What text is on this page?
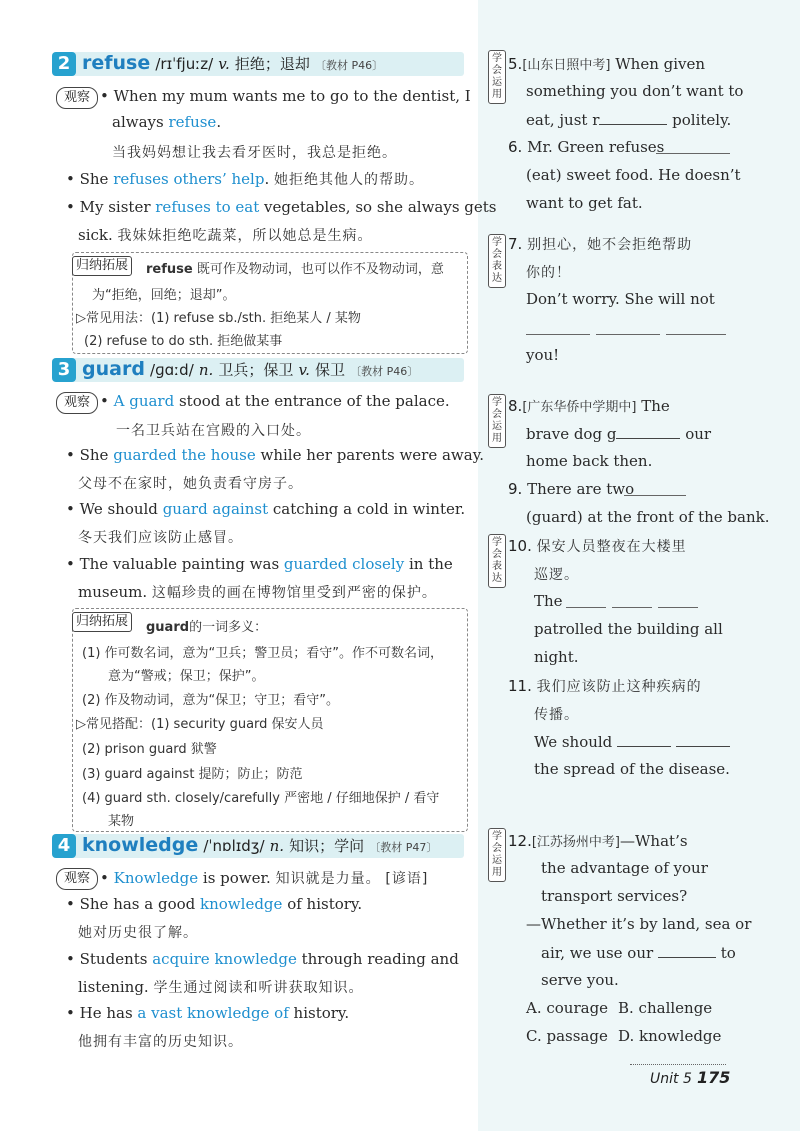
2 refuse /rɪˈfjuːz/ v. 拒绝；退却 〔教材 P46〕
观察 • When my mum wants me to go to the dentist, I
always refuse.
当我妈妈想让我去看牙医时，我总是拒绝。
• She refuses others’ help. 她拒绝其他人的帮助。
• My sister refuses to eat vegetables, so she always gets
sick. 我妹妹拒绝吃蔬菜，所以她总是生病。
归纳拓展	refuse 既可作及物动词，也可以作不及物动词，意
为“拒绝，回绝；退却”。
▷常见用法：(1) refuse sb./sth. 拒绝某人 / 某物
(2) refuse to do sth. 拒绝做某事
3 guard /ɡɑːd/ n. 卫兵；保卫 v. 保卫 〔教材 P46〕
观察 • A guard stood at the entrance of the palace.
一名卫兵站在宫殿的入口处。
• She guarded the house while her parents were away.
父母不在家时，她负责看守房子。
• We should guard against catching a cold in winter.
冬天我们应该防止感冒。
• The valuable painting was guarded closely in the
museum. 这幅珍贵的画在博物馆里受到严密的保护。
归纳拓展	guard的一词多义：
(1) 作可数名词，意为“卫兵；警卫员；看守”。作不可数名词，
意为“警戒；保卫；保护”。
(2) 作及物动词，意为“保卫；守卫；看守”。
▷常见搭配：(1) security guard 保安人员
(2) prison guard 狱警
(3) guard against 提防；防止；防范
(4) guard sth. closely/carefully 严密地 / 仔细地保护 / 看守
某物
4 knowledge /ˈnɒlɪdʒ/ n. 知识；学问 〔教材 P47〕
观察 • Knowledge is power. 知识就是力量。 [谚语]
• She has a good knowledge of history.
她对历史很了解。
• Students acquire knowledge through reading and
listening. 学生通过阅读和听讲获取知识。
• He has a vast knowledge of history.
他拥有丰富的历史知识。
学会运用
5.[山东日照中考] When given
something you don’t want to
eat, just r	politely.
6. Mr. Green refuses
(eat) sweet food. He doesn’t
want to get fat.
学会表达
7. 别担心，她不会拒绝帮助
你的！
Don’t worry. She will not
you!
学会运用
8.[广东华侨中学期中] The
brave dog g	our
home back then.
9. There are two
(guard) at the front of the bank.
学会表达
10. 保安人员整夜在大楼里
巡逻。
The
patrolled the building all
night.
11. 我们应该防止这种疾病的
传播。
We should
the spread of the disease.
学会运用
12.[江苏扬州中考]—What’s
the advantage of your
transport services?
—Whether it’s by land, sea or
air, we use our	to
serve you.
A. courage B. challenge
C. passage D. knowledge
Unit 5 175
